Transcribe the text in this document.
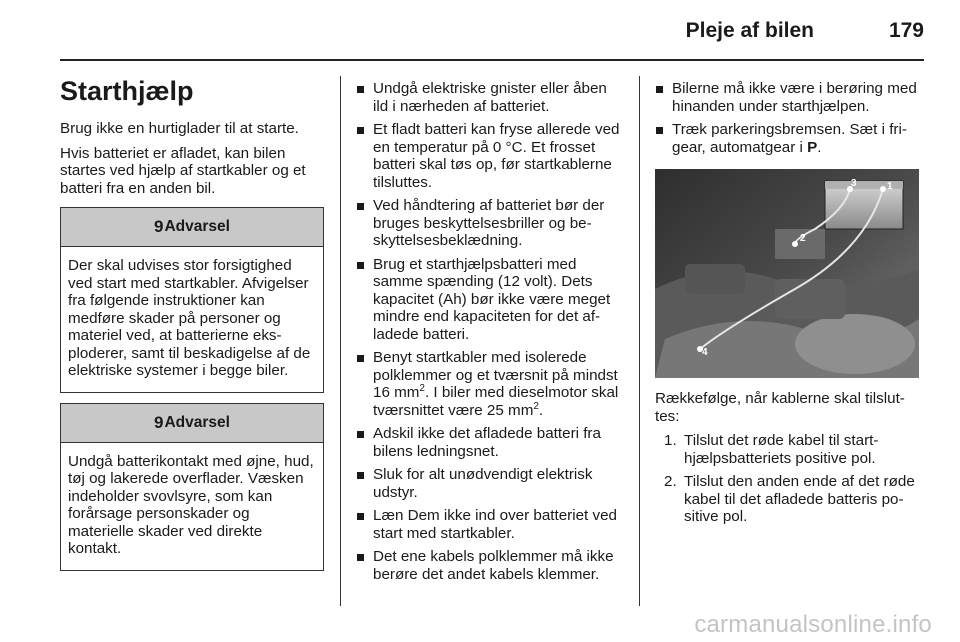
Pleje af bilen	179
Starthjælp

Brug ikke en hurtiglader til at starte.

Hvis batteriet er afladet, kan bilen startes ved hjælp af startkabler og et batteri fra en anden bil.

9 Advarsel
Der skal udvises stor forsigtighed ved start med startkabler. Afvigelser fra følgende instruktioner kan medføre skader på personer og materiel ved, at batterierne eksploderer, samt til beskadigelse af de elektriske systemer i begge biler.
9 Advarsel
Undgå batterikontakt med øjne, hud, tøj og lakerede overflader. Væsken indeholder svovlsyre, som kan forårsage personskader og materielle skader ved direkte kontakt.
Undgå elektriske gnister eller åben ild i nærheden af batteriet.
Et fladt batteri kan fryse allerede ved en temperatur på 0 °C. Et frosset batteri skal tøs op, før startkablerne tilsluttes.
Ved håndtering af batteriet bør der bruges beskyttelsesbriller og beskyttelsesbeklædning.
Brug et starthjælpsbatteri med samme spænding (12 volt). Dets kapacitet (Ah) bør ikke være meget mindre end kapaciteten for det afladede batteri.
Benyt startkabler med isolerede polklemmer og et tværsnit på mindst 16 $mm^2$. I biler med dieselmotor skal tværsnittet være 25 $mm^2$.
Adskil ikke det afladede batteri fra bilens ledningsnet.
Sluk for alt unødvendigt elektrisk udstyr.
Læn Dem ikke ind over batteriet ved start med startkabler.
Det ene kabels polklemmer må ikke berøre det andet kabels klemmer.
Bilerne må ikke være i berøring med hinanden under starthjælpen.
Træk parkeringsbremsen. Sæt i frigear, automatgear i P.
3	1
2
4

Rækkefølge, når kablerne skal tilsluttes:

1. Tilslut det røde kabel til starthjælpsbatteriets positive pol.
2. Tilslut den anden ende af det røde kabel til det afladede batteris positive pol.
carmanualsonline.info
